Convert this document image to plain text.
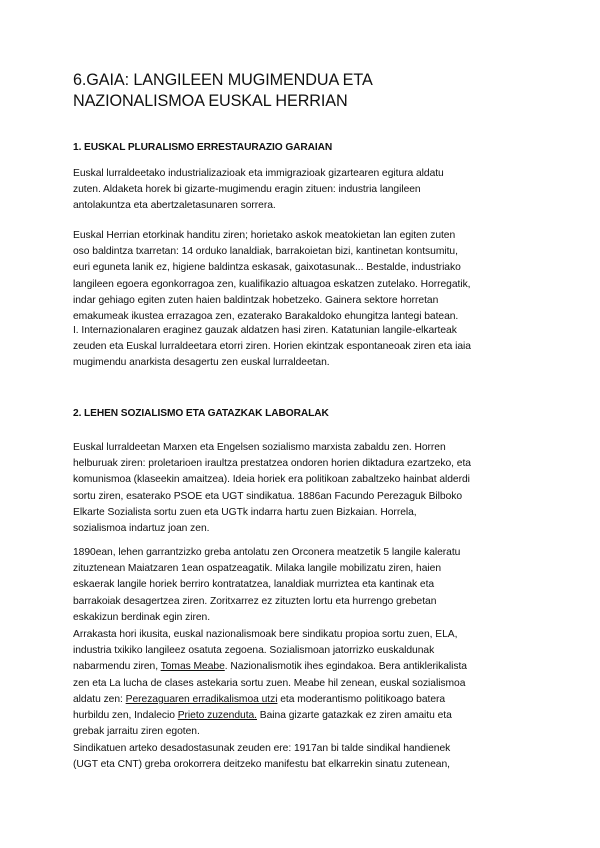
6.GAIA: LANGILEEN MUGIMENDUA ETA
NAZIONALISMOA EUSKAL HERRIAN
1. EUSKAL PLURALISMO ERRESTAURAZIO GARAIAN

Euskal lurraldeetako industrializazioak eta immigrazioak gizartearen egitura aldatu
zuten. Aldaketa horek bi gizarte-mugimendu eragin zituen: industria langileen
antolakuntza eta abertzaletasunaren sorrera.

Euskal Herrian etorkinak handitu ziren; horietako askok meatokietan lan egiten zuten
oso baldintza txarretan: 14 orduko lanaldiak, barrakoietan bizi, kantinetan kontsumitu,
euri eguneta lanik ez, higiene baldintza eskasak, gaixotasunak... Bestalde, industriako
langileen egoera egonkorragoa zen, kualifikazio altuagoa eskatzen zutelako. Horregatik,
indar gehiago egiten zuten haien baldintzak hobetzeko. Gainera sektore horretan
emakumeak ikustea errazagoa zen, ezaterako Barakaldoko ehungitza lantegi batean.

I. Internazionalaren eraginez gauzak aldatzen hasi ziren. Katatunian langile-elkarteak
zeuden eta Euskal lurraldeetara etorri ziren. Horien ekintzak espontaneoak ziren eta iaia
mugimendu anarkista desagertu zen euskal lurraldeetan.

2. LEHEN SOZIALISMO ETA GATAZKAK LABORALAK

Euskal lurraldeetan Marxen eta Engelsen sozialismo marxista zabaldu zen. Horren
helburuak ziren: proletarioen iraultza prestatzea ondoren horien diktadura ezartzeko, eta
komunismoa (klaseekin amaitzea). Ideia horiek era politikoan zabaltzeko hainbat alderdi
sortu ziren, esaterako PSOE eta UGT sindikatua. 1886an Facundo Perezaguk Bilboko
Elkarte Sozialista sortu zuen eta UGTk indarra hartu zuen Bizkaian. Horrela,
sozialismoa indartuz joan zen.

1890ean, lehen garrantzizko greba antolatu zen Orconera meatzetik 5 langile kaleratu
zituztenean Maiatzaren 1ean ospatzeagatik. Milaka langile mobilizatu ziren, haien
eskaerak langile horiek berriro kontratatzea, lanaldiak murriztea eta kantinak eta
barrakoiak desagertzea ziren. Zoritxarrez ez zituzten lortu eta hurrengo grebetan
eskakizun berdinak egin ziren.

Arrakasta hori ikusita, euskal nazionalismoak bere sindikatu propioa sortu zuen, ELA,
industria txikiko langileez osatuta zegoena. Sozialismoan jatorrizko euskaldunak
nabarmendu ziren, Tomas Meabe. Nazionalismotik ihes egindakoa. Bera antiklerikalista
zen eta La lucha de clases astekaria sortu zuen. Meabe hil zenean, euskal sozialismoa
aldatu zen: Perezaguaren erradikalismoa utzi eta moderantismo politikoago batera
hurbildu zen, Indalecio Prieto zuzenduta. Baina gizarte gatazkak ez ziren amaitu eta
grebak jarraitu ziren egoten.

Sindikatuen arteko desadostasunak zeuden ere: 1917an bi talde sindikal handienek
(UGT eta CNT) greba orokorrera deitzeko manifestu bat elkarrekin sinatu zutenean,
